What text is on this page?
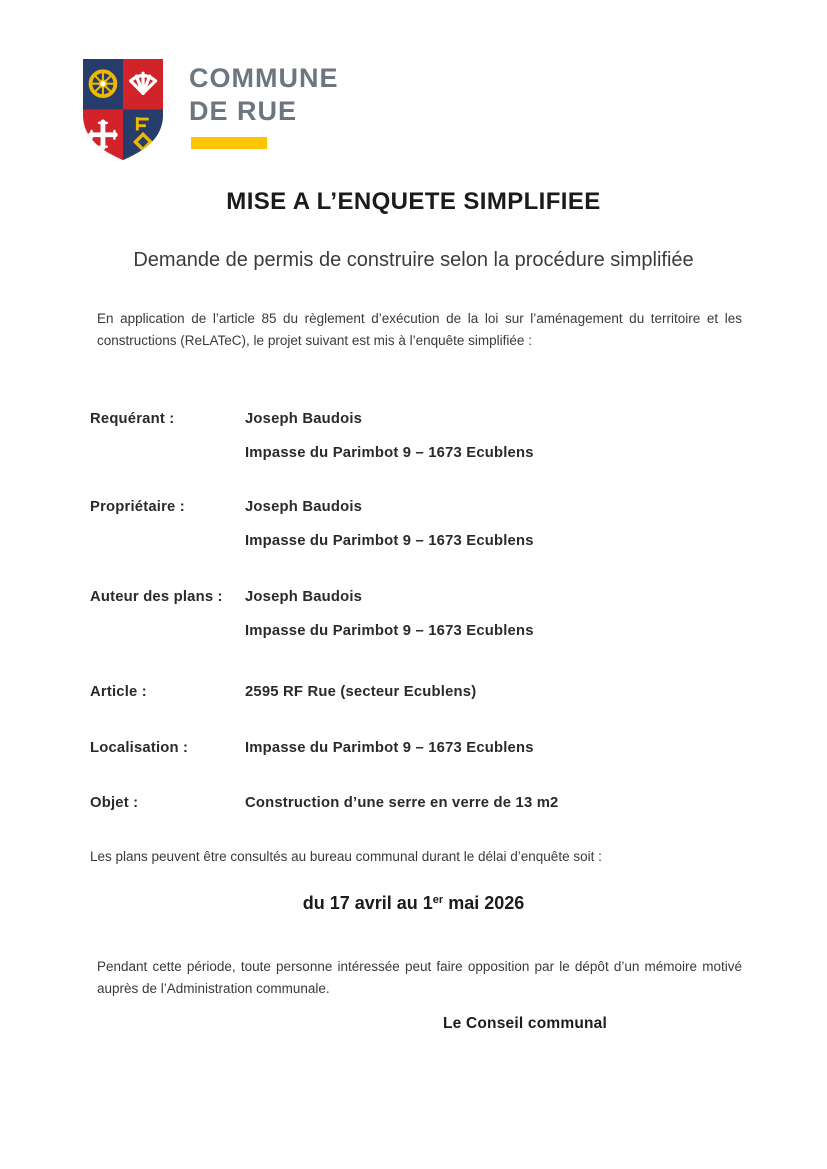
COMMUNE
DE RUE
MISE A L’ENQUETE SIMPLIFIEE
Demande de permis de construire selon la procédure simplifiée
En application de l’article 85 du règlement d’exécution de la loi sur l’aménagement du territoire et les constructions (ReLATeC), le projet suivant est mis à l’enquête simplifiée :
Requérant :	Joseph Baudois
Impasse du Parimbot 9 – 1673 Ecublens
Propriétaire :	Joseph Baudois
Impasse du Parimbot 9 – 1673 Ecublens
Auteur des plans : Joseph Baudois
Impasse du Parimbot 9 – 1673 Ecublens
Article :	2595 RF Rue (secteur Ecublens)
Localisation :	Impasse du Parimbot 9 – 1673 Ecublens
Objet :	Construction d’une serre en verre de 13 m2
Les plans peuvent être consultés au bureau communal durant le délai d’enquête soit :
du 17 avril au 1er mai 2026
Pendant cette période, toute personne intéressée peut faire opposition par le dépôt d’un mémoire motivé auprès de l’Administration communale.
Le Conseil communal
